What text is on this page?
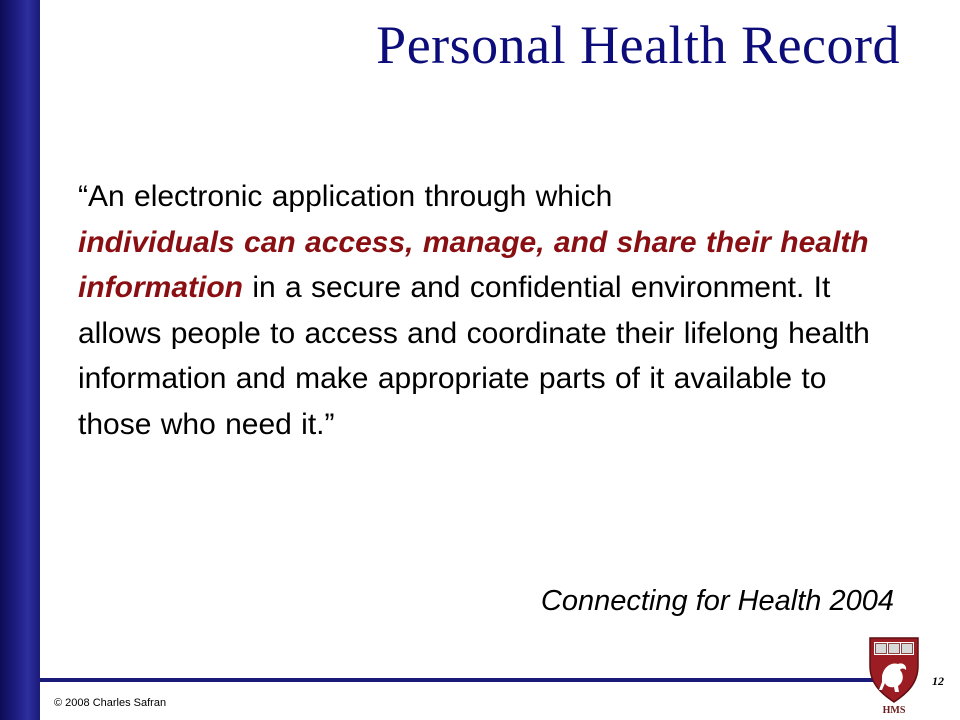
Personal Health Record
“An electronic application through which
individuals can access, manage, and share their health information in a secure and confidential environment. It allows people to access and coordinate their lifelong health information and make appropriate parts of it available to those who need it.”
Connecting for Health 2004
© 2008 Charles Safran
HMS
12
